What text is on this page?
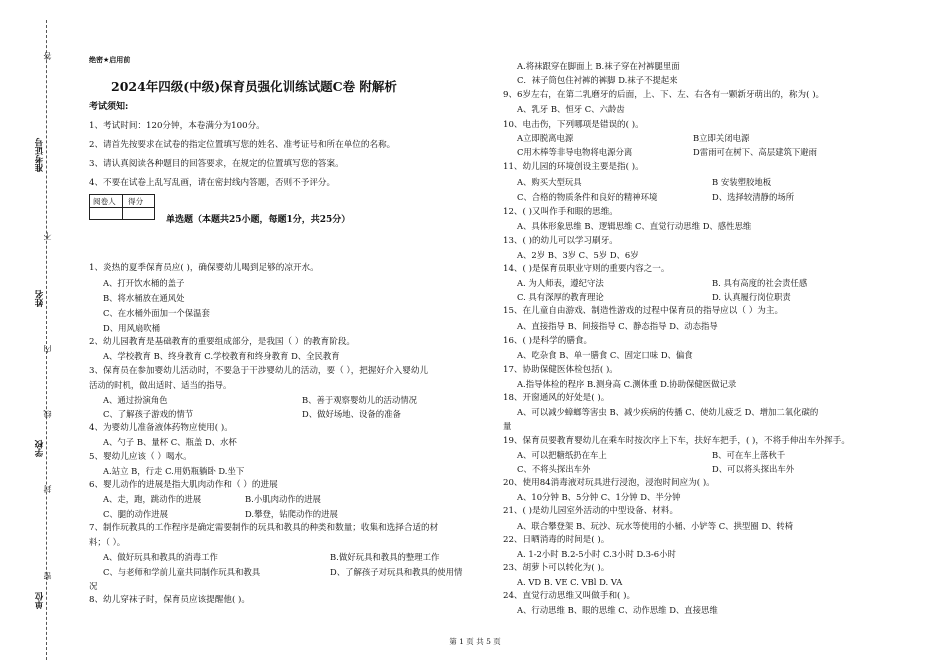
答
不
内
线
封
密
准考证号
姓名
学校
单位
绝密★启用前
2024年四级(中级)保育员强化训练试题C卷 附解析
考试须知:
1、考试时间：120分钟，本卷满分为100分。
2、请首先按要求在试卷的指定位置填写您的姓名、准考证号和所在单位的名称。
3、请认真阅读各种题目的回答要求，在规定的位置填写您的答案。
4、不要在试卷上乱写乱画，请在密封线内答题，否则不予评分。
阅卷人 得分
单选题（本题共25小题，每题1分，共25分）
1、炎热的夏季保育员应( )，确保婴幼儿喝到足够的凉开水。
A、打开饮水桶的盖子
B、将水桶放在通风处
C、在水桶外面加一个保温套
D、用风扇吹桶
2、幼儿园教育是基础教育的重要组成部分，是我国（ ）的教育阶段。
A、学校教育 B、终身教育 C.学校教育和终身教育 D、全民教育
3、保育员在参加婴幼儿活动时，不要急于干涉婴幼儿的活动，要（ ），把握好介入婴幼儿
活动的时机，做出适时、适当的指导。
A、通过扮演角色	B、善于观察婴幼儿的活动情况
C、了解孩子游戏的情节	D、做好场地、设备的准备
4、为婴幼儿准备液体药物应使用( )。
A、勺子 B、量杯 C、瓶盖 D、水杯
5、婴幼儿应该（ ）喝水。
A.站立 B，行走 C.用奶瓶躺卧 D.坐下
6、婴儿动作的进展是指大肌肉动作和（ ）的进展
A、走，跑，跳动作的进展	B.小肌肉动作的进展
C、腿的动作进展	D.攀登，钻爬动作的进展
7、制作玩教具的工作程序是确定需要制作的玩具和教具的种类和数量；收集和选择合适的材
料；（ ）。
A、做好玩具和教具的消毒工作	B.做好玩具和教具的整理工作
C、与老师和学前儿童共同制作玩具和教具	D、了解孩子对玩具和教具的使用情
况
8、幼儿穿袜子时，保育员应该提醒他( )。
A.将袜跟穿在脚面上 B.袜子穿在衬裤腿里面
C．袜子筒包住衬裤的裤脚 D.袜子不提起来
9、6岁左右，在第二乳磨牙的后面，上、下、左、右各有一颗新牙萌出的，称为( )。
A、乳牙 B、恒牙 C、六龄齿
10、电击伤，下列哪项是错误的( )。
A立即脱离电源	B立即关闭电源
C用木棒等非导电物将电源分离	D雷雨可在树下、高层建筑下避雨
11、幼儿园的环境创设主要是指( )。
A、购买大型玩具	B 安装塑胶地板
C、合格的物质条件和良好的精神环境	D、选择较清静的场所
12、( )又叫作手和眼的思维。
A、具体形象思维 B、逻辑思维 C、直觉行动思维 D、感性思维
13、( )的幼儿可以学习刷牙。
A、2岁 B、3岁 C、5岁 D、6岁
14、( )是保育员职业守则的重要内容之一。
A. 为人师表，遵纪守法	B. 具有高度的社会责任感
C. 具有深厚的教育理论	D. 认真履行岗位职责
15、在儿童自由游戏、制造性游戏的过程中保育员的指导应以（ ）为主。
A、直接指导 B、间接指导 C、静态指导 D、动态指导
16、( )是科学的膳食。
A、吃杂食 B、单一膳食 C、固定口味 D、偏食
17、协助保健医体检包括( )。
A.指导体检的程序 B.测身高 C.测体重 D.协助保健医做记录
18、开窗通风的好处是( )。
A、可以减少蟑螂等害虫 B、减少疾病的传播 C、使幼儿疲乏 D、增加二氧化碳的
量
19、保育员要教育婴幼儿在乘车时按次序上下车，扶好车把手，( )，不将手伸出车外挥手。
A、可以把糖纸扔在车上	B、可在车上落秋千
C、不将头探出车外	D、可以将头探出车外
20、使用84消毒液对玩具进行浸泡，浸泡时间应为( )。
A、10分钟 B、5分钟 C、1分钟 D、半分钟
21、( )是幼儿园室外活动的中型设备、材料。
A、联合攀登架 B、玩沙、玩水等使用的小桶、小铲等 C、拱型圈 D、转椅
22、日晒消毒的时间是( )。
A. 1-2小时 B.2-5小时 C.3小时 D.3-6小时
23、胡萝卜可以转化为( )。
A. VD B. VE C. VBl D. VA
24、直觉行动思维又叫做手和( )。
A、行动思维 B、眼的思维 C、动作思维 D、直接思维
第 1 页 共 5 页
